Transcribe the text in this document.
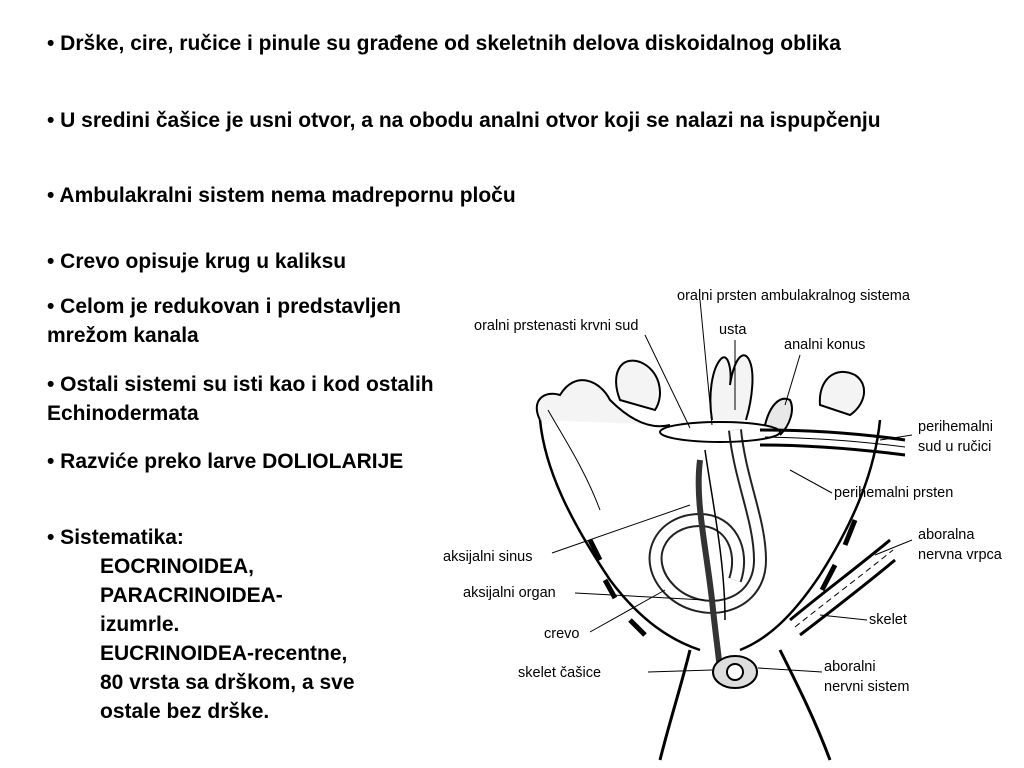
• Drške, cire, ručice i pinule su građene od skeletnih delova diskoidalnog oblika
• U sredini čašice je usni otvor, a na obodu analni otvor koji se nalazi na ispupčenju
• Ambulakralni sistem nema madrepornu ploču
• Crevo opisuje krug u kaliksu
• Celom je redukovan i predstavljen mrežom kanala
• Ostali sistemi su isti kao i kod ostalih Echinodermata
• Razviće preko larve DOLIOLARIJE
• Sistematika:
EOCRINOIDEA,
PARACRINOIDEA-
izumrle.
EUCRINOIDEA-recentne,
80 vrsta sa drškom, a sve
ostale bez drške.
oralni prsten ambulakralnog sistema
oralni prstenasti krvni sud	usta
analni konus
perihemalni
sud u ručici
perihemalni prsten
aboralna
nervna vrpca
aksijalni sinus
aksijalni organ
skelet
crevo
skelet čašice	aboralni
nervni sistem
